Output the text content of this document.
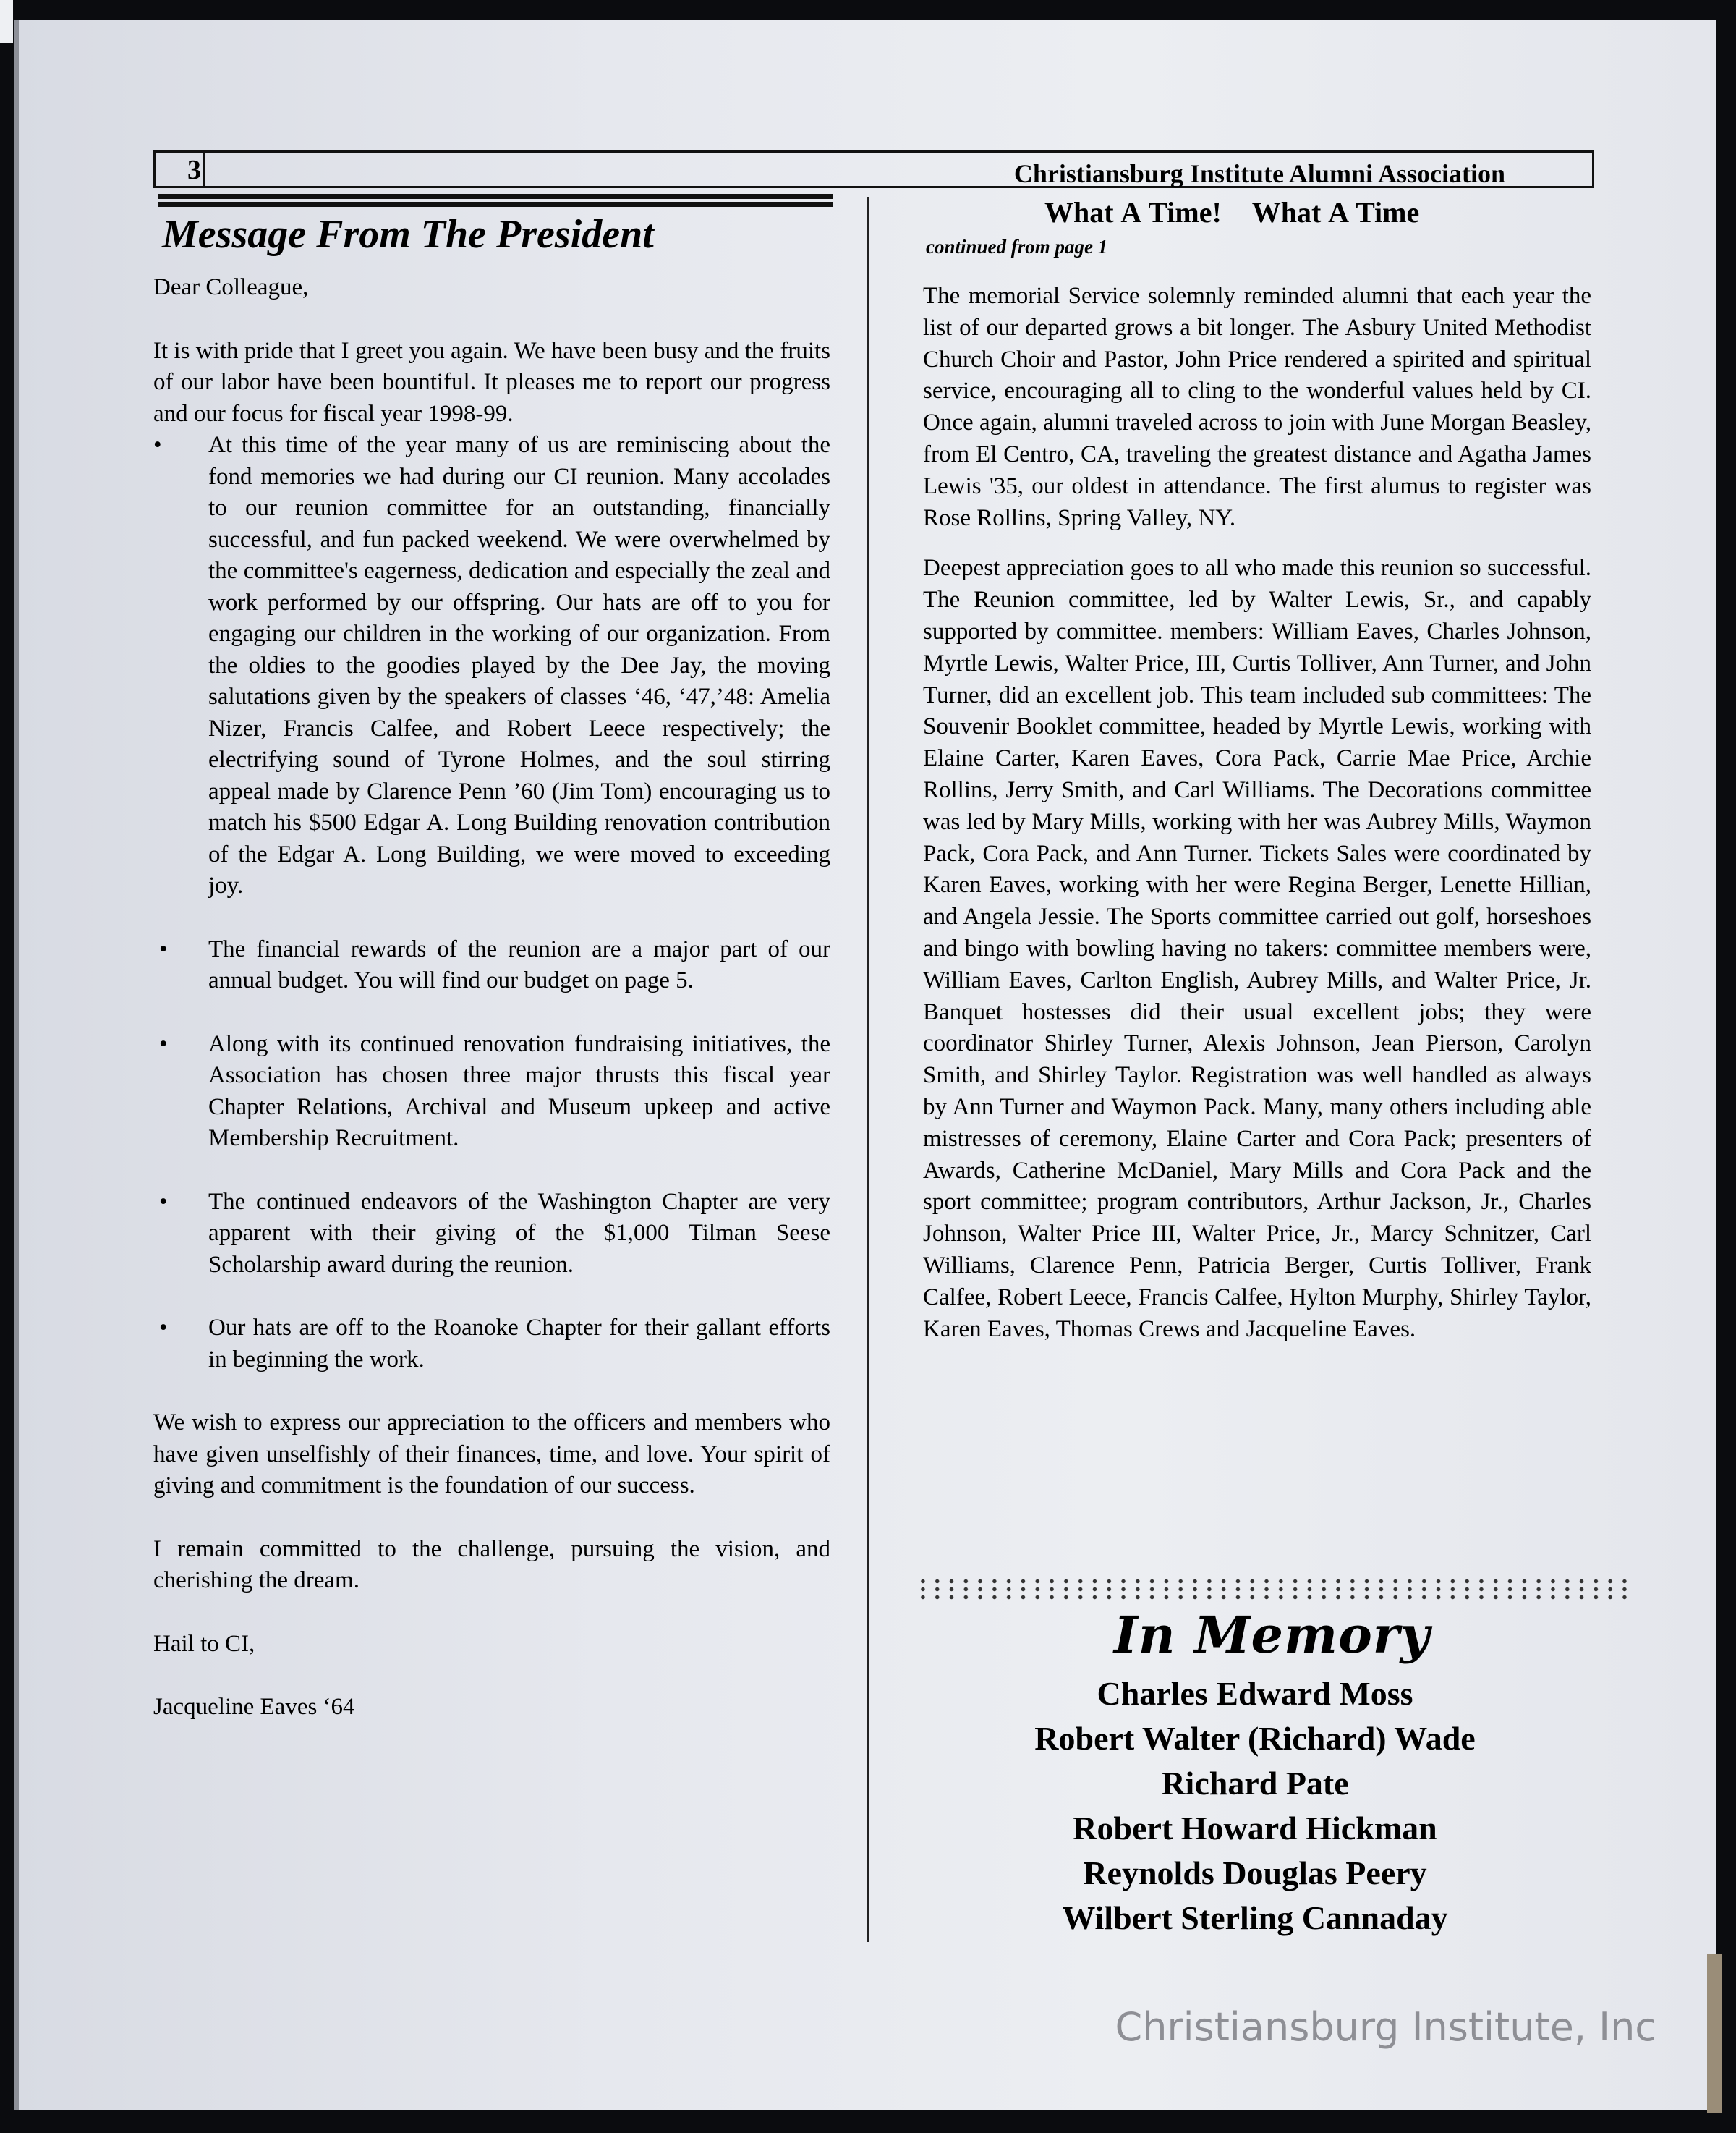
3	Christiansburg Institute Alumni Association
Message From The President

Dear Colleague,

It is with pride that I greet you again. We have been busy and the fruits of our labor have been bountiful. It pleases me to report our progress and our focus for fiscal year 1998-99.

• At this time of the year many of us are reminiscing about the fond memories we had during our CI reunion. Many accolades to our reunion committee for an outstanding, financially successful, and fun packed weekend. We were overwhelmed by the committee's eagerness, dedication and especially the zeal and work performed by our offspring. Our hats are off to you for engaging our children in the working of our organization. From the oldies to the goodies played by the Dee Jay, the moving salutations given by the speakers of classes ‘46, ‘47,’48: Amelia Nizer, Francis Calfee, and Robert Leece respectively; the electrifying sound of Tyrone Holmes, and the soul stirring appeal made by Clarence Penn ’60 (Jim Tom) encouraging us to match his $500 Edgar A. Long Building renovation contribution of the Edgar A. Long Building, we were moved to exceeding joy.
• The financial rewards of the reunion are a major part of our annual budget. You will find our budget on page 5.
• Along with its continued renovation fundraising initiatives, the Association has chosen three major thrusts this fiscal year Chapter Relations, Archival and Museum upkeep and active Membership Recruitment.
• The continued endeavors of the Washington Chapter are very apparent with their giving of the $1,000 Tilman Seese Scholarship award during the reunion.
• Our hats are off to the Roanoke Chapter for their gallant efforts in beginning the work.

We wish to express our appreciation to the officers and members who have given unselfishly of their finances, time, and love. Your spirit of giving and commitment is the foundation of our success.

I remain committed to the challenge, pursuing the vision, and cherishing the dream.

Hail to CI,

Jacqueline Eaves ‘64

What A Time! What A Time
continued from page 1

The memorial Service solemnly reminded alumni that each year the list of our departed grows a bit longer. The Asbury United Methodist Church Choir and Pastor, John Price rendered a spirited and spiritual service, encouraging all to cling to the wonderful values held by CI. Once again, alumni traveled across to join with June Morgan Beasley, from El Centro, CA, traveling the greatest distance and Agatha James Lewis '35, our oldest in attendance. The first alumus to register was Rose Rollins, Spring Valley, NY.

Deepest appreciation goes to all who made this reunion so successful. The Reunion committee, led by Walter Lewis, Sr., and capably supported by committee. members: William Eaves, Charles Johnson, Myrtle Lewis, Walter Price, III, Curtis Tolliver, Ann Turner, and John Turner, did an excellent job. This team included sub committees: The Souvenir Booklet committee, headed by Myrtle Lewis, working with Elaine Carter, Karen Eaves, Cora Pack, Carrie Mae Price, Archie Rollins, Jerry Smith, and Carl Williams. The Decorations committee was led by Mary Mills, working with her was Aubrey Mills, Waymon Pack, Cora Pack, and Ann Turner. Tickets Sales were coordinated by Karen Eaves, working with her were Regina Berger, Lenette Hillian, and Angela Jessie. The Sports committee carried out golf, horseshoes and bingo with bowling having no takers: committee members were, William Eaves, Carlton English, Aubrey Mills, and Walter Price, Jr. Banquet hostesses did their usual excellent jobs; they were coordinator Shirley Turner, Alexis Johnson, Jean Pierson, Carolyn Smith, and Shirley Taylor. Registration was well handled as always by Ann Turner and Waymon Pack. Many, many others including able mistresses of ceremony, Elaine Carter and Cora Pack; presenters of Awards, Catherine McDaniel, Mary Mills and Cora Pack and the sport committee; program contributors, Arthur Jackson, Jr., Charles Johnson, Walter Price III, Walter Price, Jr., Marcy Schnitzer, Carl Williams, Clarence Penn, Patricia Berger, Curtis Tolliver, Frank Calfee, Robert Leece, Francis Calfee, Hylton Murphy, Shirley Taylor, Karen Eaves, Thomas Crews and Jacqueline Eaves.

In Memory
Charles Edward Moss
Robert Walter (Richard) Wade
Richard Pate
Robert Howard Hickman
Reynolds Douglas Peery
Wilbert Sterling Cannaday
Christiansburg Institute, Inc
